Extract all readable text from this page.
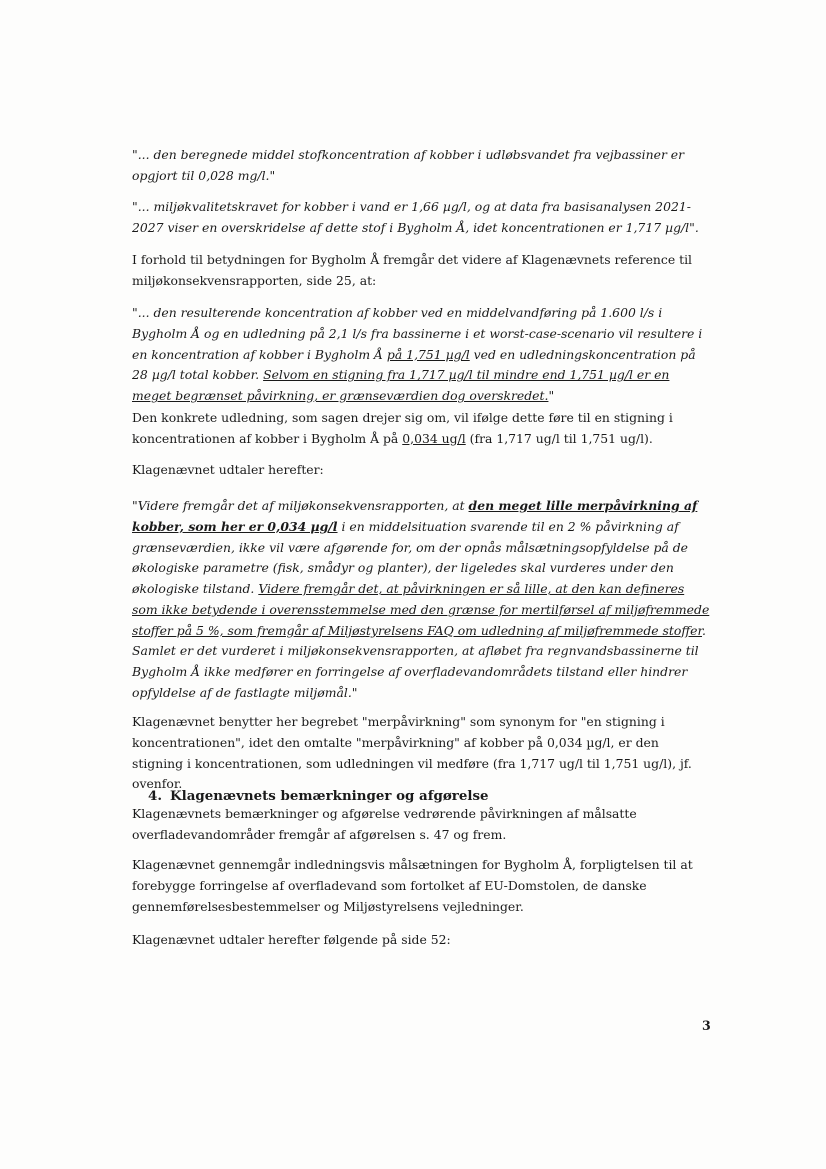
"... den beregnede middel stofkoncentration af kobber i udløbsvandet fra vejbassiner er opgjort til 0,028 mg/l."

"... miljøkvalitetskravet for kobber i vand er 1,66 µg/l, og at data fra basisanalysen 2021-2027 viser en overskridelse af dette stof i Bygholm Å, idet koncentrationen er 1,717 µg/l".

I forhold til betydningen for Bygholm Å fremgår det videre af Klagenævnets reference til miljøkonsekvensrapporten, side 25, at:

"... den resulterende koncentration af kobber ved en middelvandføring på 1.600 l/s i Bygholm Å og en udledning på 2,1 l/s fra bassinerne i et worst-case-scenario vil resultere i en koncentration af kobber i Bygholm Å på 1,751 µg/l ved en udledningskoncentration på 28 µg/l total kobber. Selvom en stigning fra 1,717 µg/l til mindre end 1,751 µg/l er en meget begrænset påvirkning, er grænseværdien dog overskredet."

Den konkrete udledning, som sagen drejer sig om, vil ifølge dette føre til en stigning i koncentrationen af kobber i Bygholm Å på 0,034 ug/l (fra 1,717 ug/l til 1,751 ug/l).

Klagenævnet udtaler herefter:

"Videre fremgår det af miljøkonsekvensrapporten, at den meget lille merpåvirkning af kobber, som her er 0,034 µg/l i en middelsituation svarende til en 2 % påvirkning af grænseværdien, ikke vil være afgørende for, om der opnås målsætningsopfyldelse på de økologiske parametre (fisk, smådyr og planter), der ligeledes skal vurderes under den økologiske tilstand. Videre fremgår det, at påvirkningen er så lille, at den kan defineres som ikke betydende i overensstemmelse med den grænse for mertilførsel af miljøfremmede stoffer på 5 %, som fremgår af Miljøstyrelsens FAQ om udledning af miljøfremmede stoffer.

Samlet er det vurderet i miljøkonsekvensrapporten, at afløbet fra regnvandsbassinerne til Bygholm Å ikke medfører en forringelse af overfladevandområdets tilstand eller hindrer opfyldelse af de fastlagte miljømål."

Klagenævnet benytter her begrebet "merpåvirkning" som synonym for "en stigning i koncentrationen", idet den omtalte "merpåvirkning" af kobber på 0,034 µg/l, er den stigning i koncentrationen, som udledningen vil medføre (fra 1,717 ug/l til 1,751 ug/l), jf. ovenfor.

4. Klagenævnets bemærkninger og afgørelse

Klagenævnets bemærkninger og afgørelse vedrørende påvirkningen af målsatte overfladevandområder fremgår af afgørelsen s. 47 og frem.

Klagenævnet gennemgår indledningsvis målsætningen for Bygholm Å, forpligtelsen til at forebygge forringelse af overfladevand som fortolket af EU-Domstolen, de danske gennemførelsesbestemmelser og Miljøstyrelsens vejledninger.

Klagenævnet udtaler herefter følgende på side 52:

3
